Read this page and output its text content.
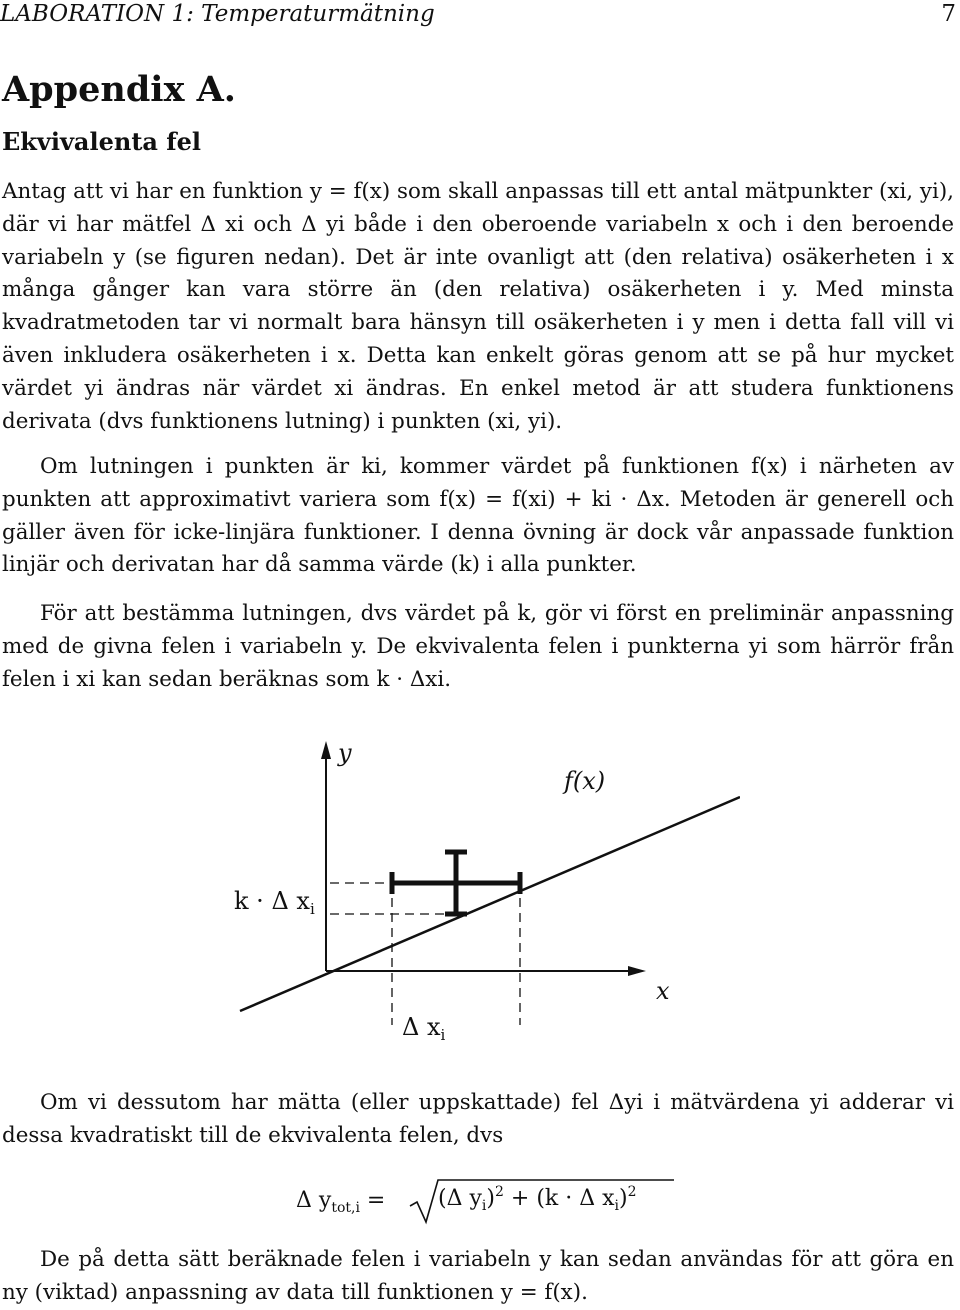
LABORATION 1: Temperaturmätning	7
Appendix A.
Ekvivalenta fel

Antag att vi har en funktion y = f(x) som skall anpassas till ett antal mätpunkter (xi, yi), där vi har mätfel Δ xi och Δ yi både i den oberoende variabeln x och i den beroende variabeln y (se figuren nedan). Det är inte ovanligt att (den relativa) osäkerheten i x många gånger kan vara större än (den relativa) osäkerheten i y. Med minsta kvadratmetoden tar vi normalt bara hänsyn till osäkerheten i y men i detta fall vill vi även inkludera osäkerheten i x. Detta kan enkelt göras genom att se på hur mycket värdet yi ändras när värdet xi ändras. En enkel metod är att studera funktionens derivata (dvs funktionens lutning) i punkten (xi, yi).

Om lutningen i punkten är ki, kommer värdet på funktionen f(x) i närheten av punkten att approximativt variera som f(x) = f(xi) + ki · Δx. Metoden är generell och gäller även för icke-linjära funktioner. I denna övning är dock vår anpassade funktion linjär och derivatan har då samma värde (k) i alla punkter.

För att bestämma lutningen, dvs värdet på k, gör vi först en preliminär anpassning med de givna felen i variabeln y. De ekvivalenta felen i punkterna yi som härrör från felen i xi kan sedan beräknas som k · Δxi.

y
x
f(x)
k · Δ $x_i$
Δ $x_i$

Om vi dessutom har mätta (eller uppskattade) fel Δyi i mätvärdena yi adderar vi dessa kvadratiskt till de ekvivalenta felen, dvs

Δ $y_{tot,i} = (\Delta$ $y_i)^2 + (k \cdot \Delta$ $x_i)^2$

De på detta sätt beräknade felen i variabeln y kan sedan användas för att göra en ny (viktad) anpassning av data till funktionen y = f(x).
